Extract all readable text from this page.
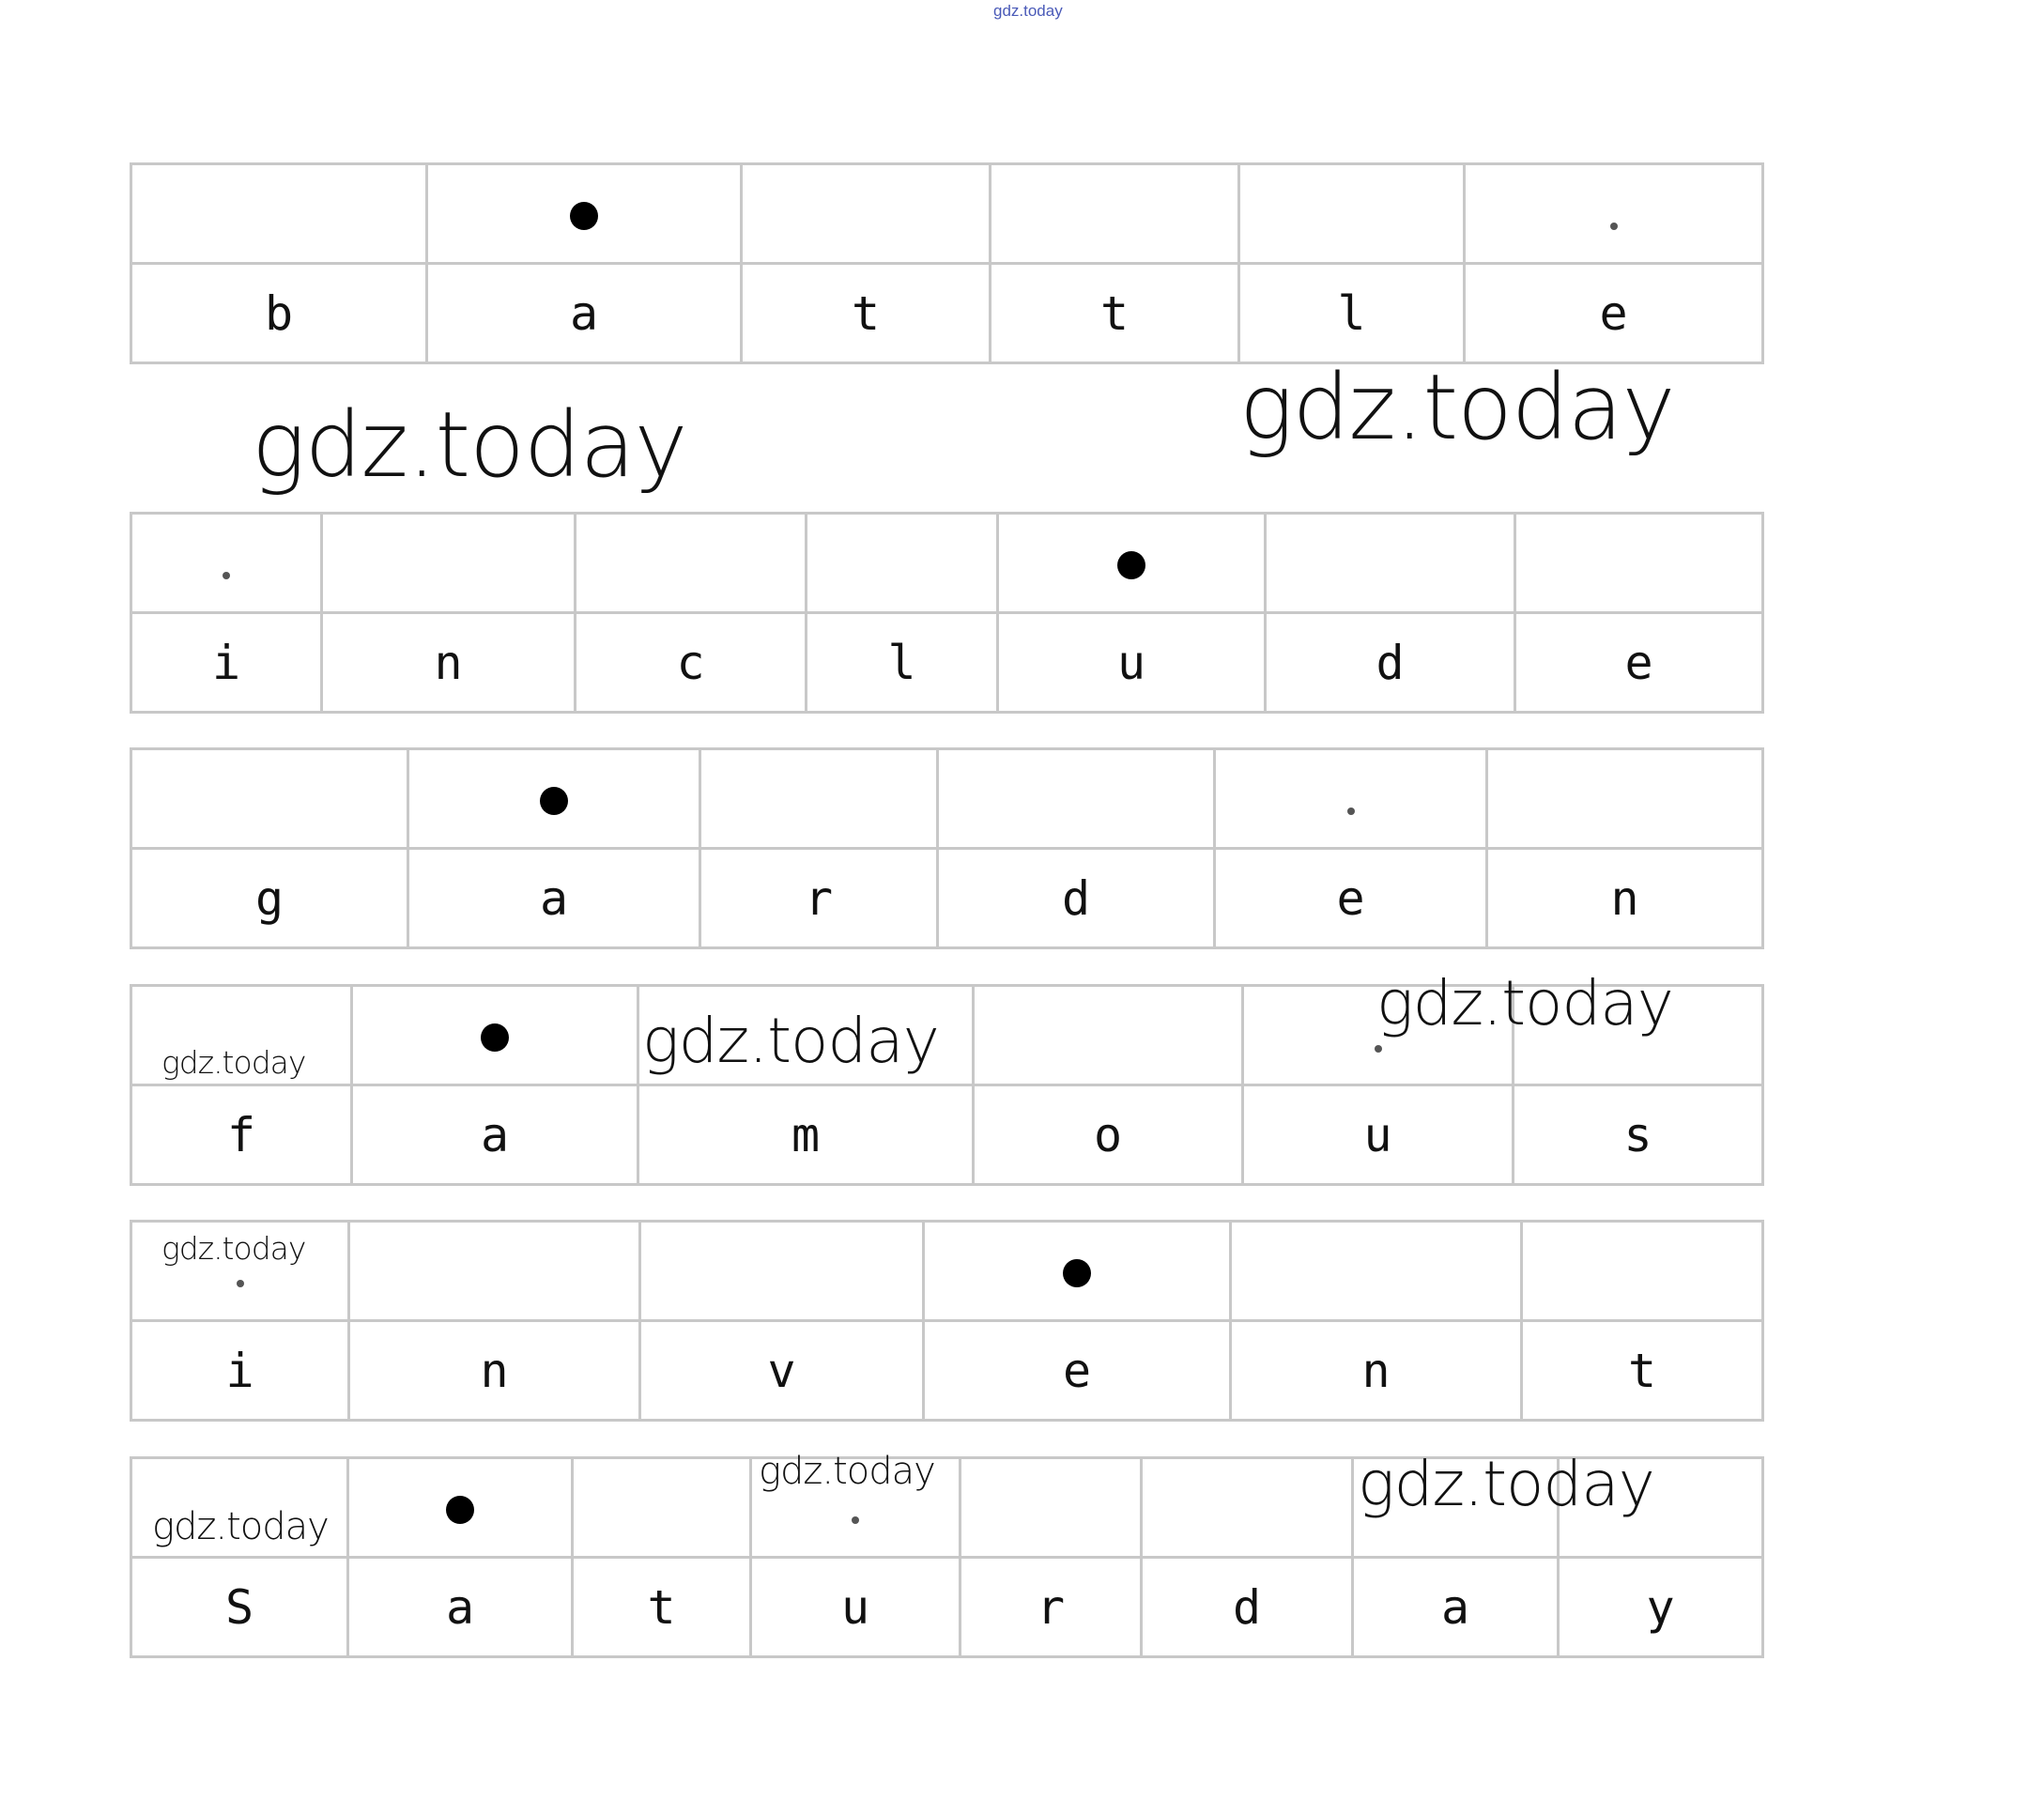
gdz.today

b	a	t	t	l	e

i	n	c	l	u	d	e

g	a	r	d	e	n

f	a	m	o	u	s

i	n	v	e	n	t

S	a	t	u	r	d	a	y
gdz.today	gdz.today
gdz.today	gdz.today
gdz.today
gdz.today
gdz.today
gdz.today
gdz.today
